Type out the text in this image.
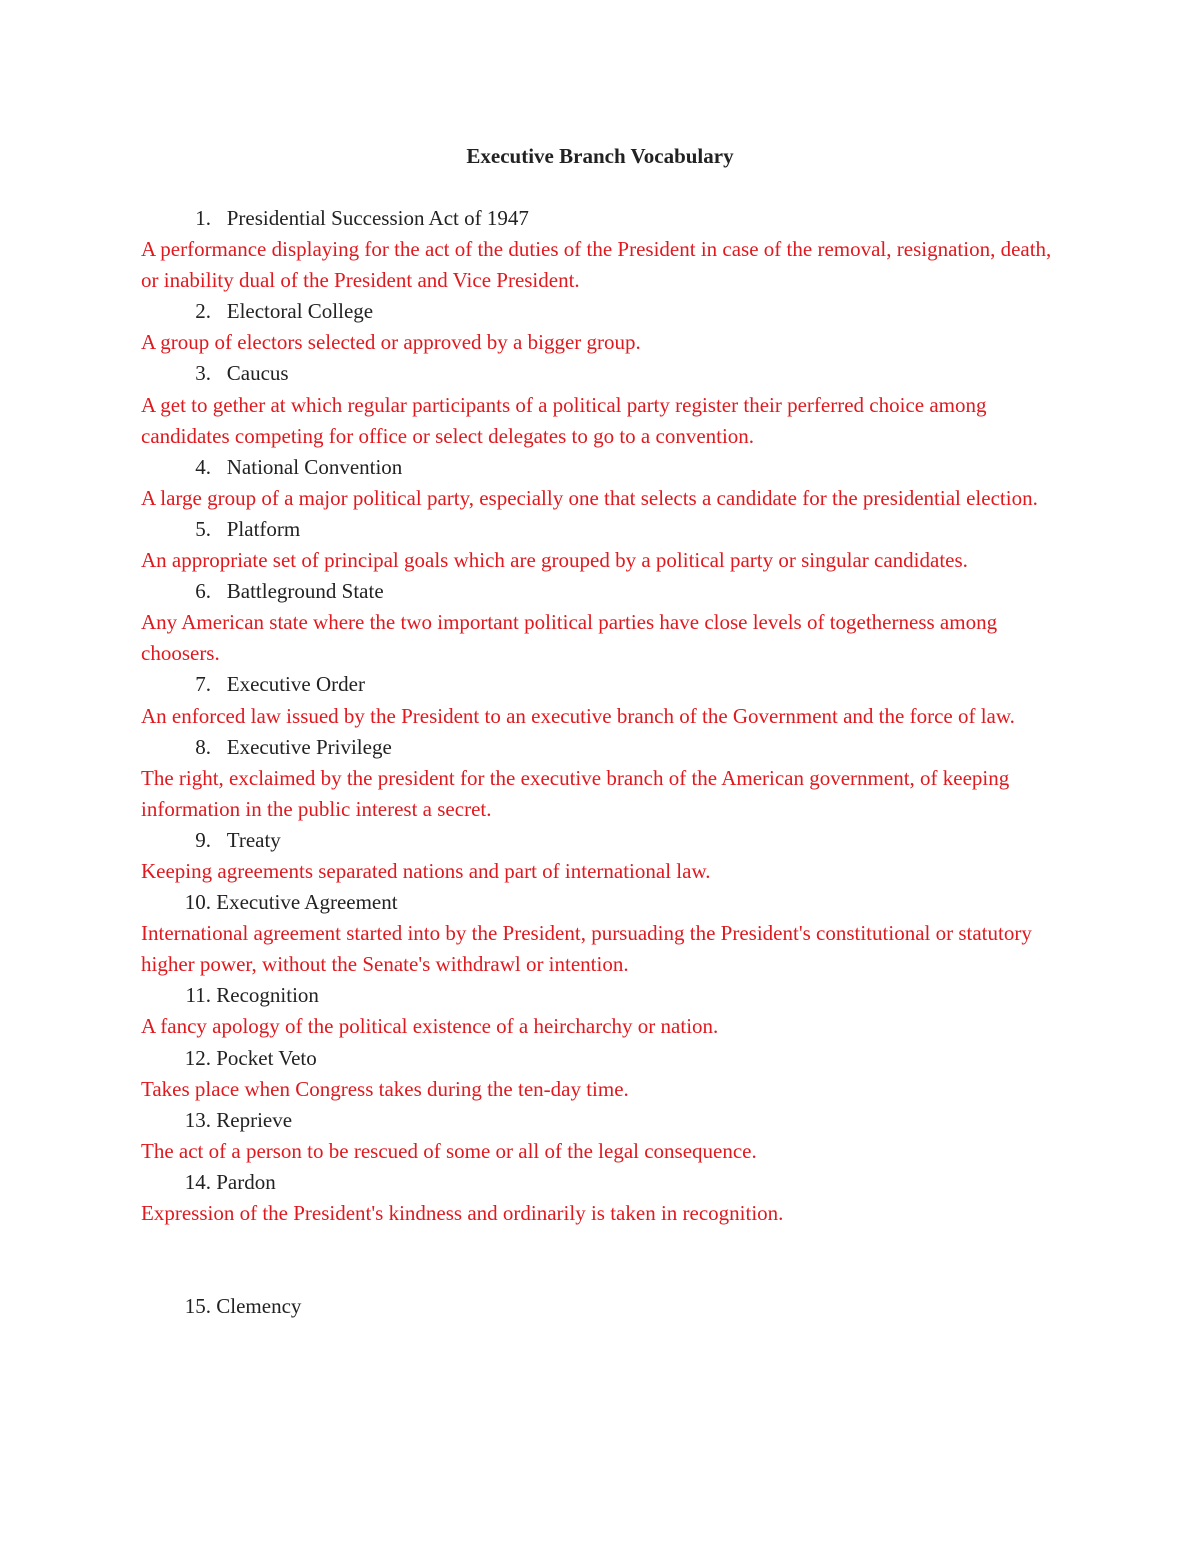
Executive Branch Vocabulary
1. Presidential Succession Act of 1947
A performance displaying for the act of the duties of the President in case of the removal, resignation, death, or inability dual of the President and Vice President.
2. Electoral College
A group of electors selected or approved by a bigger group.
3. Caucus
A get to gether at which regular participants of a political party register their perferred choice among candidates competing for office or select delegates to go to a convention.
4. National Convention
A large group of a major political party, especially one that selects a candidate for the presidential election.
5. Platform
An appropriate set of principal goals which are grouped by a political party or singular candidates.
6. Battleground State
Any American state where the two important political parties have close levels of togetherness among choosers.
7. Executive Order
An enforced law issued by the President to an executive branch of the Government and the force of law.
8. Executive Privilege
The right, exclaimed by the president for the executive branch of the American government, of keeping information in the public interest a secret.
9. Treaty
Keeping agreements separated nations and part of international law.
10. Executive Agreement
International agreement started into by the President, pursuading the President's constitutional or statutory higher power, without the Senate's withdrawl or intention.
11. Recognition
A fancy apology of the political existence of a heircharchy or nation.
12. Pocket Veto
Takes place when Congress takes during the ten-day time.
13. Reprieve
The act of a person to be rescued of some or all of the legal consequence.
14. Pardon
Expression of the President's kindness and ordinarily is taken in recognition.
15. Clemency
